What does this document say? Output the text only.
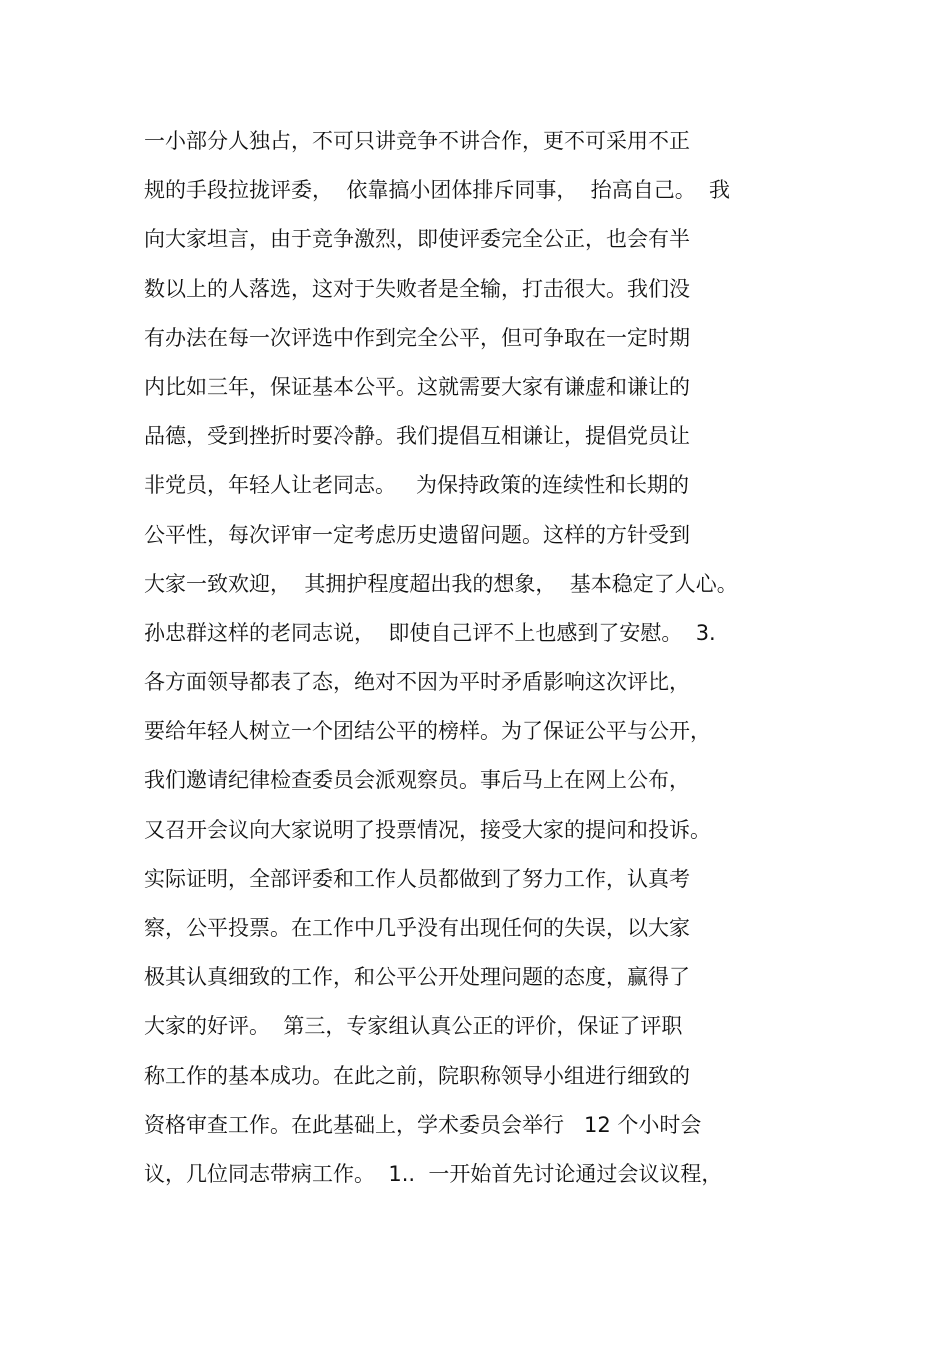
一小部分人独占，不可只讲竞争不讲合作，更不可采用不正
规的手段拉拢评委，  依靠搞小团体排斥同事，  抬高自己。  我
向大家坦言，由于竞争激烈，即使评委完全公正，也会有半
数以上的人落选，这对于失败者是全输，打击很大。我们没
有办法在每一次评选中作到完全公平，但可争取在一定时期
内比如三年，保证基本公平。这就需要大家有谦虚和谦让的
品德，受到挫折时要冷静。我们提倡互相谦让，提倡党员让
非党员，年轻人让老同志。   为保持政策的连续性和长期的
公平性，每次评审一定考虑历史遗留问题。这样的方针受到
大家一致欢迎，  其拥护程度超出我的想象，  基本稳定了人心。
孙忠群这样的老同志说，  即使自己评不上也感到了安慰。  3.
各方面领导都表了态，绝对不因为平时矛盾影响这次评比，
要给年轻人树立一个团结公平的榜样。为了保证公平与公开，
我们邀请纪律检查委员会派观察员。事后马上在网上公布，
又召开会议向大家说明了投票情况，接受大家的提问和投诉。
实际证明，全部评委和工作人员都做到了努力工作，认真考
察，公平投票。在工作中几乎没有出现任何的失误，以大家
极其认真细致的工作，和公平公开处理问题的态度，赢得了
大家的好评。  第三，专家组认真公正的评价，保证了评职
称工作的基本成功。在此之前，院职称领导小组进行细致的
资格审查工作。在此基础上，学术委员会举行   12 个小时会
议，几位同志带病工作。  1..  一开始首先讨论通过会议议程，
